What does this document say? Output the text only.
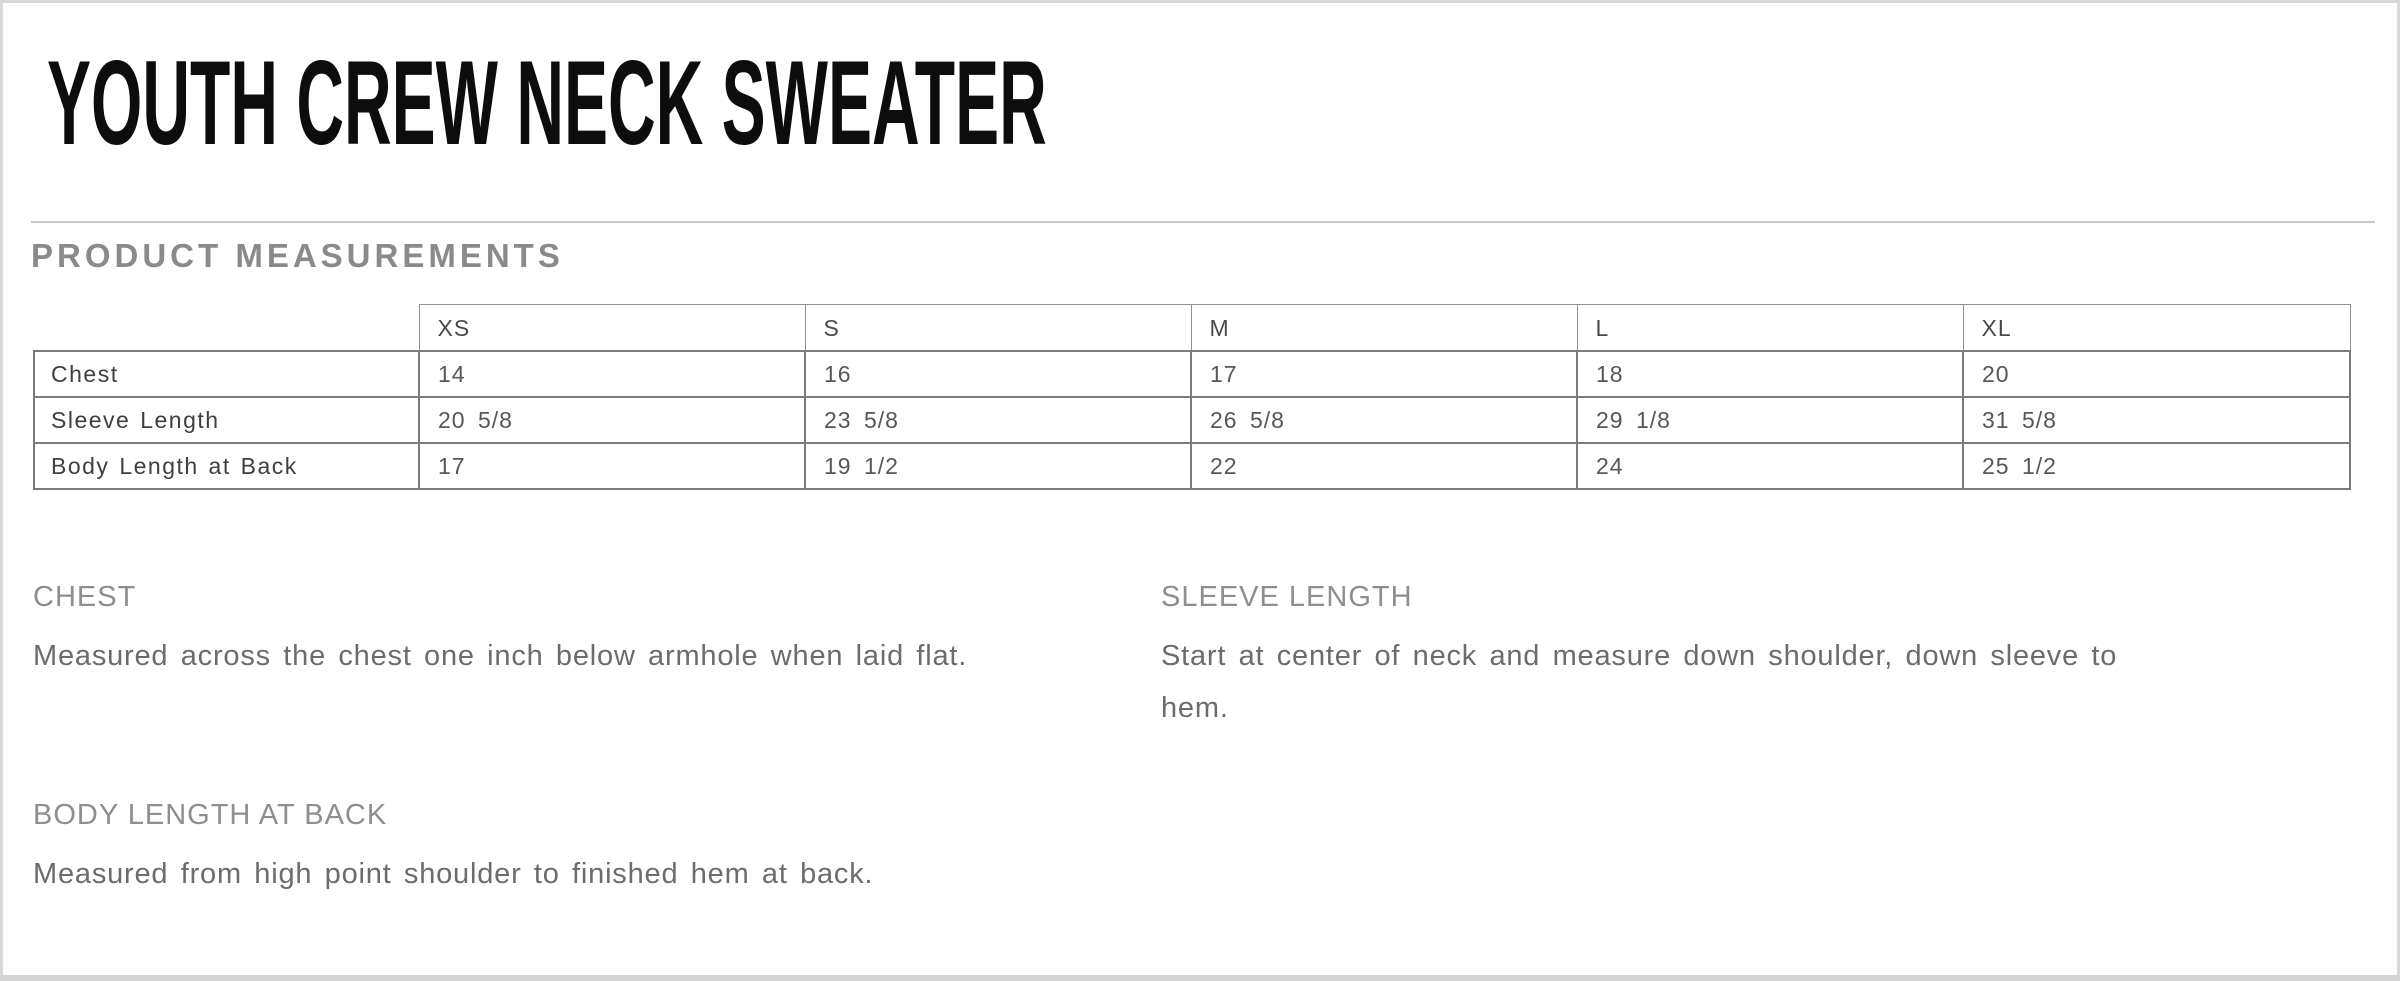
YOUTH CREW NECK SWEATER
PRODUCT MEASUREMENTS
	XS	S	M	L	XL
Chest	14	16	17	18	20
Sleeve Length	20 5/8	23 5/8	26 5/8	29 1/8	31 5/8
Body Length at Back	17	19 1/2	22	24	25 1/2
CHEST

Measured across the chest one inch below armhole when laid flat.

SLEEVE LENGTH

Start at center of neck and measure down shoulder, down sleeve to hem.

BODY LENGTH AT BACK

Measured from high point shoulder to finished hem at back.
